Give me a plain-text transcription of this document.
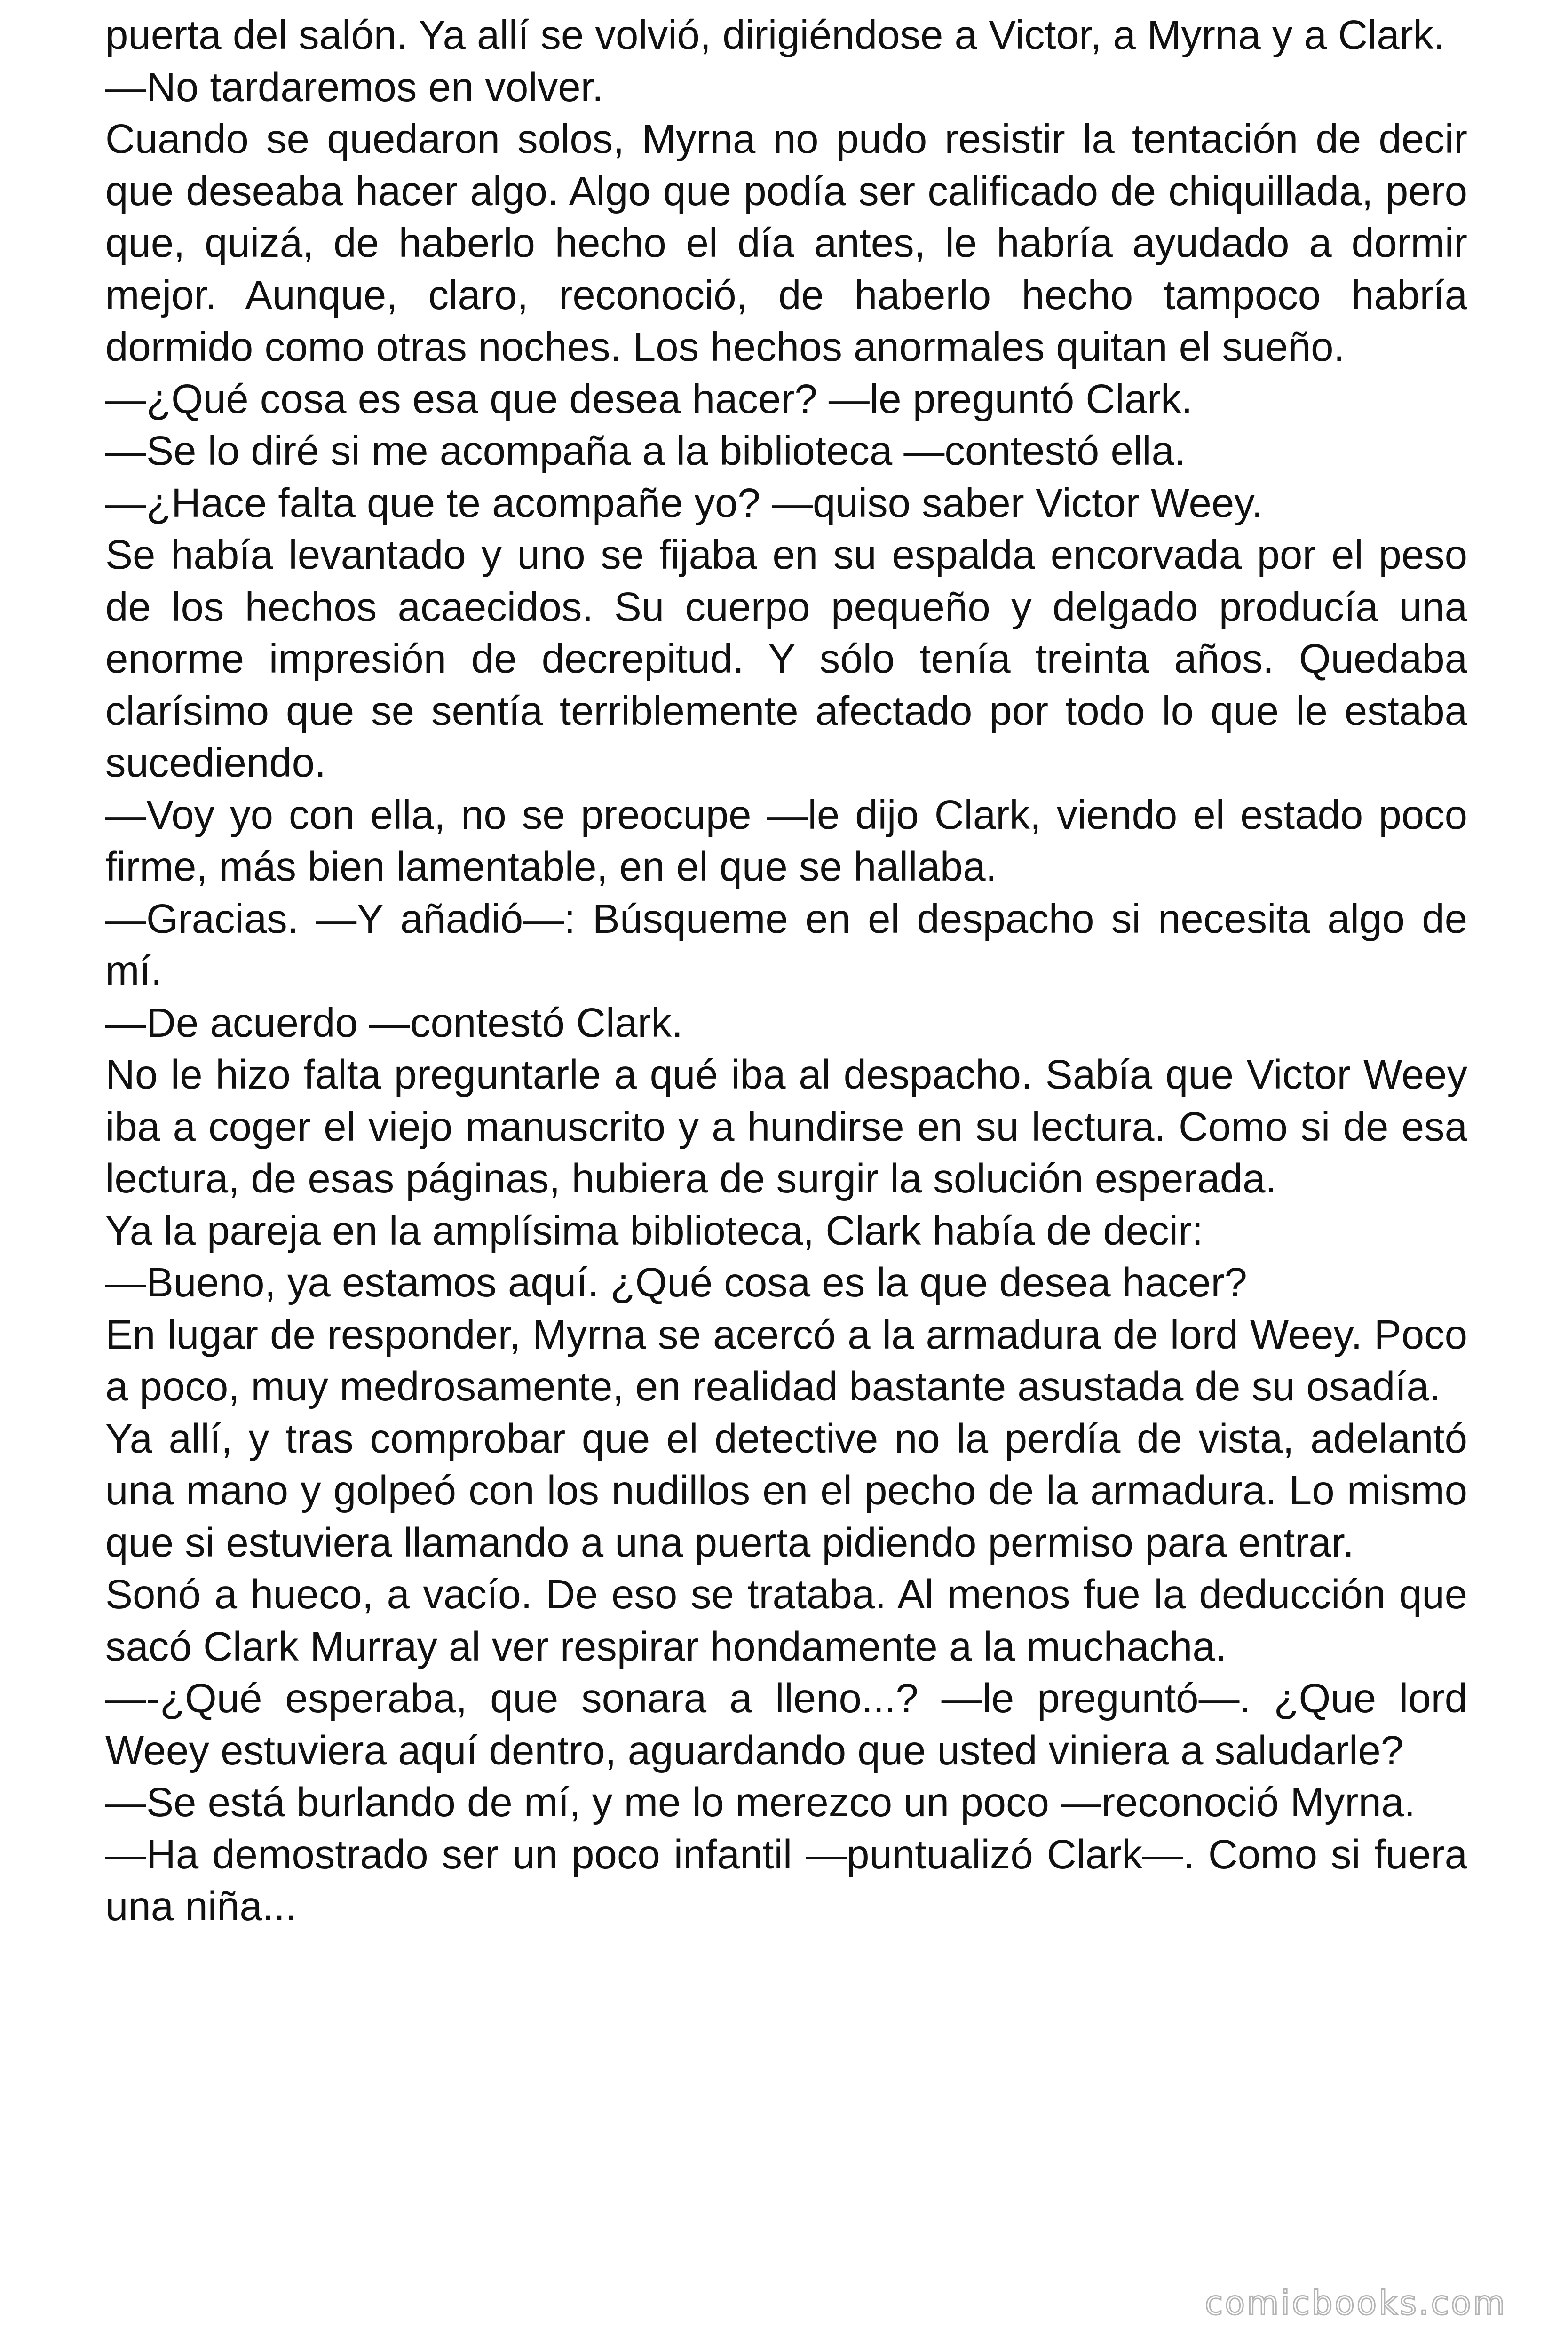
puerta del salón. Ya allí se volvió, dirigiéndose a Victor, a Myrna y a Clark.

—No tardaremos en volver.

Cuando se quedaron solos, Myrna no pudo resistir la tentación de decir que deseaba hacer algo. Algo que podía ser calificado de chiquillada, pero que, quizá, de haberlo hecho el día antes, le habría ayudado a dormir mejor. Aunque, claro, reconoció, de haberlo hecho tampoco habría dormido como otras noches. Los hechos anormales quitan el sueño.

—¿Qué cosa es esa que desea hacer? —le preguntó Clark.

—Se lo diré si me acompaña a la biblioteca —contestó ella.

—¿Hace falta que te acompañe yo? —quiso saber Victor Weey.

Se había levantado y uno se fijaba en su espalda encorvada por el peso de los hechos acaecidos. Su cuerpo pequeño y delgado producía una enorme impresión de decrepitud. Y sólo tenía treinta años. Quedaba clarísimo que se sentía terriblemente afectado por todo lo que le estaba sucediendo.

—Voy yo con ella, no se preocupe —le dijo Clark, viendo el estado poco firme, más bien lamentable, en el que se hallaba.

—Gracias. —Y añadió—: Búsqueme en el despacho si necesita algo de mí.

—De acuerdo —contestó Clark.

No le hizo falta preguntarle a qué iba al despacho. Sabía que Victor Weey iba a coger el viejo manuscrito y a hundirse en su lectura. Como si de esa lectura, de esas páginas, hubiera de surgir la solución esperada.

Ya la pareja en la amplísima biblioteca, Clark había de decir:

—Bueno, ya estamos aquí. ¿Qué cosa es la que desea hacer?

En lugar de responder, Myrna se acercó a la armadura de lord Weey. Poco a poco, muy medrosamente, en realidad bastante asustada de su osadía.

Ya allí, y tras comprobar que el detective no la perdía de vista, adelantó una mano y golpeó con los nudillos en el pecho de la armadura. Lo mismo que si estuviera llamando a una puerta pidiendo permiso para entrar.

Sonó a hueco, a vacío. De eso se trataba. Al menos fue la deducción que sacó Clark Murray al ver respirar hondamente a la muchacha.

—-¿Qué esperaba, que sonara a lleno...? —le preguntó—. ¿Que lord Weey estuviera aquí dentro, aguardando que usted viniera a saludarle?

—Se está burlando de mí, y me lo merezco un poco —reconoció Myrna.

—Ha demostrado ser un poco infantil —puntualizó Clark—. Como si fuera una niña...

comicbooks.com
